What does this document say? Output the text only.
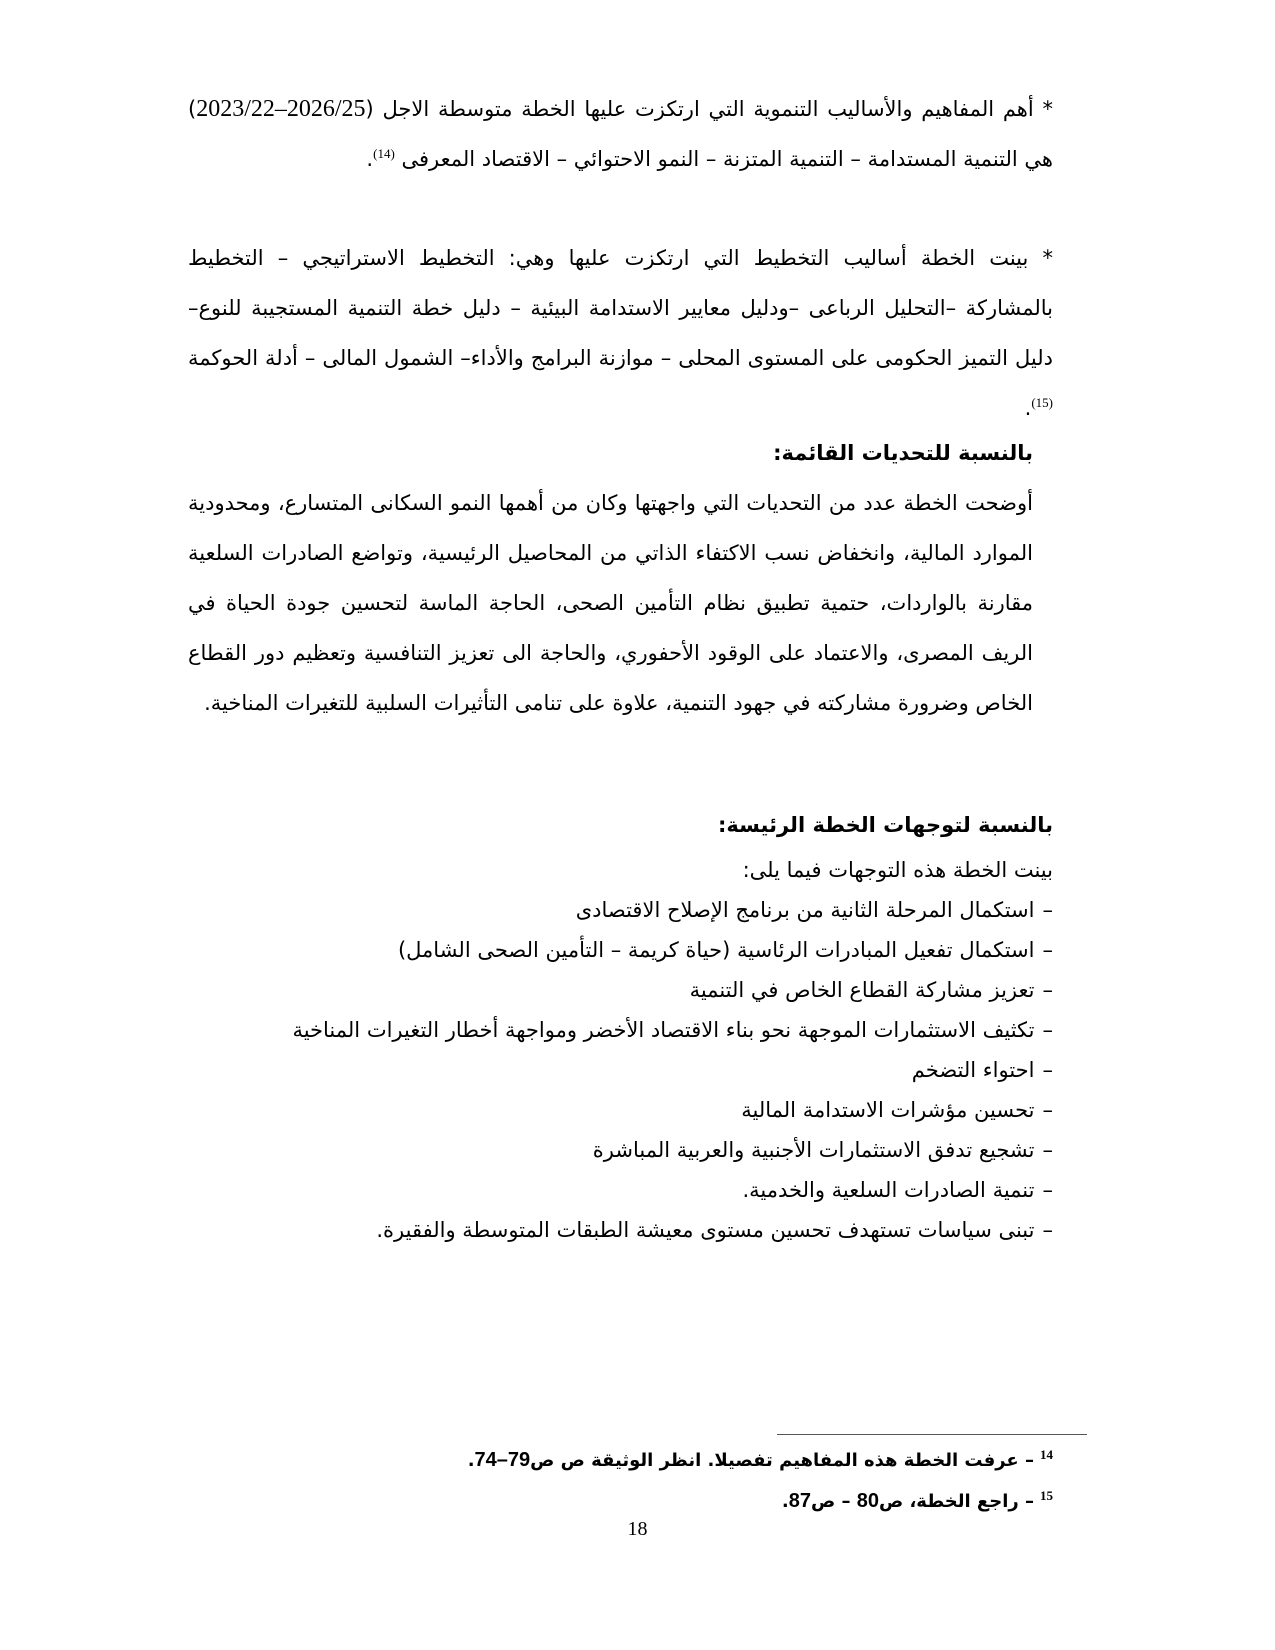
* أهم المفاهيم والأساليب التنموية التي ارتكزت عليها الخطة متوسطة الاجل (2023/22–2026/25) هي التنمية المستدامة – التنمية المتزنة – النمو الاحتوائي – الاقتصاد المعرفى $^{(14)}$.

* بينت الخطة أساليب التخطيط التي ارتكزت عليها وهي: التخطيط الاستراتيجي – التخطيط بالمشاركة –التحليل الرباعى –ودليل معايير الاستدامة البيئية – دليل خطة التنمية المستجيبة للنوع– دليل التميز الحكومى على المستوى المحلى – موازنة البرامج والأداء– الشمول المالى – أدلة الحوكمة $^{(15)}$.

بالنسبة للتحديات القائمة:

أوضحت الخطة عدد من التحديات التي واجهتها وكان من أهمها النمو السكانى المتسارع، ومحدودية الموارد المالية، وانخفاض نسب الاكتفاء الذاتي من المحاصيل الرئيسية، وتواضع الصادرات السلعية مقارنة بالواردات، حتمية تطبيق نظام التأمين الصحى، الحاجة الماسة لتحسين جودة الحياة في الريف المصرى، والاعتماد على الوقود الأحفوري، والحاجة الى تعزيز التنافسية وتعظيم دور القطاع الخاص وضرورة مشاركته في جهود التنمية، علاوة على تنامى التأثيرات السلبية للتغيرات المناخية.

بالنسبة لتوجهات الخطة الرئيسة:
بينت الخطة هذه التوجهات فيما يلى:
–استكمال المرحلة الثانية من برنامج الإصلاح الاقتصادى
–استكمال تفعيل المبادرات الرئاسية (حياة كريمة – التأمين الصحى الشامل)
–تعزيز مشاركة القطاع الخاص في التنمية
–تكثيف الاستثمارات الموجهة نحو بناء الاقتصاد الأخضر ومواجهة أخطار التغيرات المناخية
–احتواء التضخم
–تحسين مؤشرات الاستدامة المالية
–تشجيع تدفق الاستثمارات الأجنبية والعربية المباشرة
–تنمية الصادرات السلعية والخدمية.
–تبنى سياسات تستهدف تحسين مستوى معيشة الطبقات المتوسطة والفقيرة.
$^{14}$– عرفت الخطة هذه المفاهيم تفصيلا. انظر الوثيقة ص ص74–79.
$^{15}$– راجع الخطة، ص80 – ص87.
18
